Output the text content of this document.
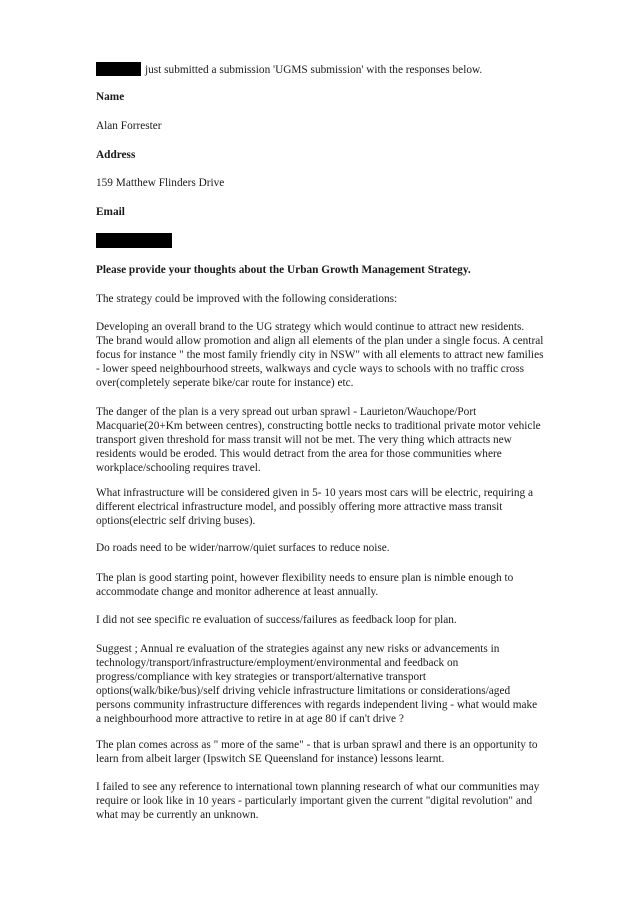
just submitted a submission 'UGMS submission' with the responses below.

Name

Alan Forrester

Address

159 Matthew Flinders Drive

Email

Please provide your thoughts about the Urban Growth Management Strategy.

The strategy could be improved with the following considerations:

Developing an overall brand to the UG strategy which would continue to attract new residents. The brand would allow promotion and align all elements of the plan under a single focus. A central focus for instance " the most family friendly city in NSW" with all elements to attract new families - lower speed neighbourhood streets, walkways and cycle ways to schools with no traffic cross over(completely seperate bike/car route for instance) etc.

The danger of the plan is a very spread out urban sprawl - Laurieton/Wauchope/Port Macquarie(20+Km between centres), constructing bottle necks to traditional private motor vehicle transport given threshold for mass transit will not be met. The very thing which attracts new residents would be eroded. This would detract from the area for those communities where workplace/schooling requires travel.

What infrastructure will be considered given in 5- 10 years most cars will be electric, requiring a different electrical infrastructure model, and possibly offering more attractive mass transit options(electric self driving buses).

Do roads need to be wider/narrow/quiet surfaces to reduce noise.

The plan is good starting point, however flexibility needs to ensure plan is nimble enough to accommodate change and monitor adherence at least annually.

I did not see specific re evaluation of success/failures as feedback loop for plan.

Suggest ; Annual re evaluation of the strategies against any new risks or advancements in technology/transport/infrastructure/employment/environmental and feedback on progress/compliance with key strategies or transport/alternative transport options(walk/bike/bus)/self driving vehicle infrastructure limitations or considerations/aged persons community infrastructure differences with regards independent living - what would make a neighbourhood more attractive to retire in at age 80 if can't drive ?

The plan comes across as " more of the same" - that is urban sprawl and there is an opportunity to learn from albeit larger (Ipswitch SE Queensland for instance) lessons learnt.

I failed to see any reference to international town planning research of what our communities may require or look like in 10 years - particularly important given the current "digital revolution" and what may be currently an unknown.
